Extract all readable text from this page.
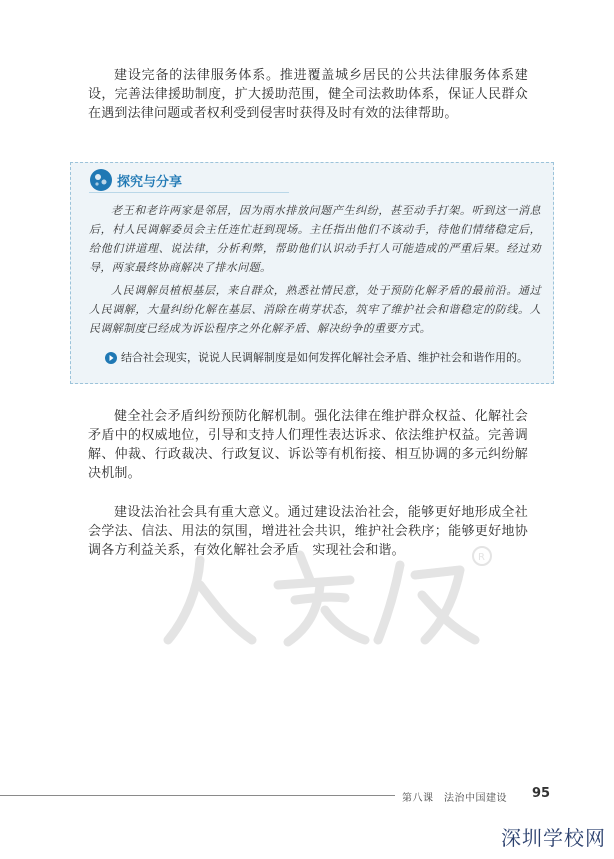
建设完备的法律服务体系。推进覆盖城乡居民的公共法律服务体系建设，完善法律援助制度，扩大援助范围，健全司法救助体系，保证人民群众在遇到法律问题或者权利受到侵害时获得及时有效的法律帮助。

探究与分享

老王和老许两家是邻居，因为雨水排放问题产生纠纷，甚至动手打架。听到这一消息后，村人民调解委员会主任连忙赶到现场。主任指出他们不该动手，待他们情绪稳定后，给他们讲道理、说法律，分析利弊，帮助他们认识动手打人可能造成的严重后果。经过劝导，两家最终协商解决了排水问题。

人民调解员植根基层，来自群众，熟悉社情民意，处于预防化解矛盾的最前沿。通过人民调解，大量纠纷化解在基层、消除在萌芽状态，筑牢了维护社会和谐稳定的防线。人民调解制度已经成为诉讼程序之外化解矛盾、解决纷争的重要方式。

结合社会现实，说说人民调解制度是如何发挥化解社会矛盾、维护社会和谐作用的。

健全社会矛盾纠纷预防化解机制。强化法律在维护群众权益、化解社会矛盾中的权威地位，引导和支持人们理性表达诉求、依法维护权益。完善调解、仲裁、行政裁决、行政复议、诉讼等有机衔接、相互协调的多元纠纷解决机制。

建设法治社会具有重大意义。通过建设法治社会，能够更好地形成全社会学法、信法、用法的氛围，增进社会共识，维护社会秩序；能够更好地协调各方利益关系，有效化解社会矛盾，实现社会和谐。	R
第八课　法治中国建设 95
深圳学校网
